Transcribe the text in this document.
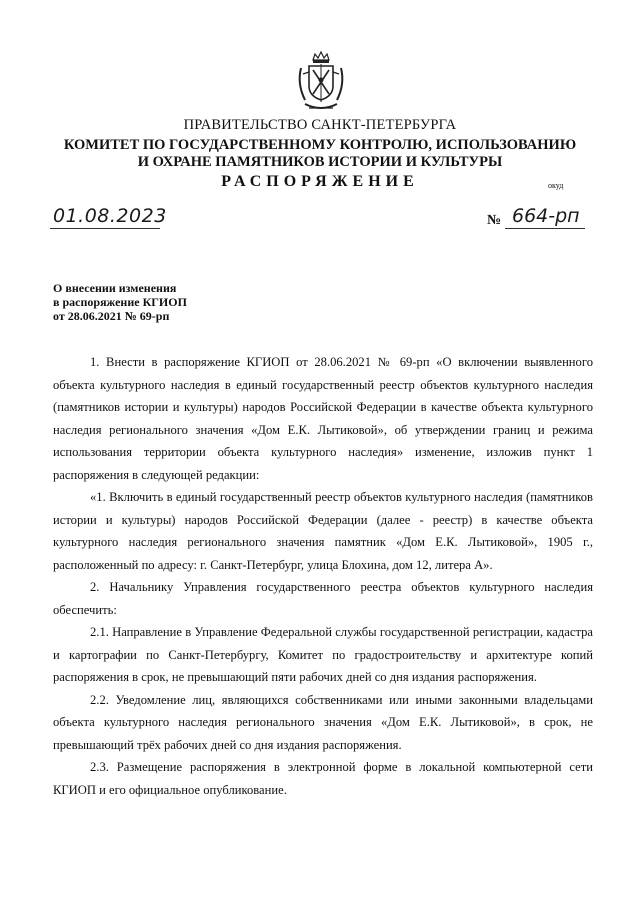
ПРАВИТЕЛЬСТВО САНКТ-ПЕТЕРБУРГА
КОМИТЕТ ПО ГОСУДАРСТВЕННОМУ КОНТРОЛЮ, ИСПОЛЬЗОВАНИЮ
И ОХРАНЕ ПАМЯТНИКОВ ИСТОРИИ И КУЛЬТУРЫ
РАСПОРЯЖЕНИЕ	окуд
01.08.2023	№ 664-рп
О внесении изменения
в распоряжение КГИОП
от 28.06.2021 № 69-рп

1. Внести в распоряжение КГИОП от 28.06.2021 № 69-рп «О включении выявленного объекта культурного наследия в единый государственный реестр объектов культурного наследия (памятников истории и культуры) народов Российской Федерации в качестве объекта культурного наследия регионального значения «Дом Е.К. Лытиковой», об утверждении границ и режима использования территории объекта культурного наследия» изменение, изложив пункт 1 распоряжения в следующей редакции:

«1. Включить в единый государственный реестр объектов культурного наследия (памятников истории и культуры) народов Российской Федерации (далее - реестр) в качестве объекта культурного наследия регионального значения памятник «Дом Е.К. Лытиковой», 1905 г., расположенный по адресу: г. Санкт-Петербург, улица Блохина, дом 12, литера А».

2. Начальнику Управления государственного реестра объектов культурного наследия обеспечить:

2.1. Направление в Управление Федеральной службы государственной регистрации, кадастра и картографии по Санкт-Петербургу, Комитет по градостроительству и архитектуре копий распоряжения в срок, не превышающий пяти рабочих дней со дня издания распоряжения.

2.2. Уведомление лиц, являющихся собственниками или иными законными владельцами объекта культурного наследия регионального значения «Дом Е.К. Лытиковой», в срок, не превышающий трёх рабочих дней со дня издания распоряжения.

2.3. Размещение распоряжения в электронной форме в локальной компьютерной сети КГИОП и его официальное опубликование.
